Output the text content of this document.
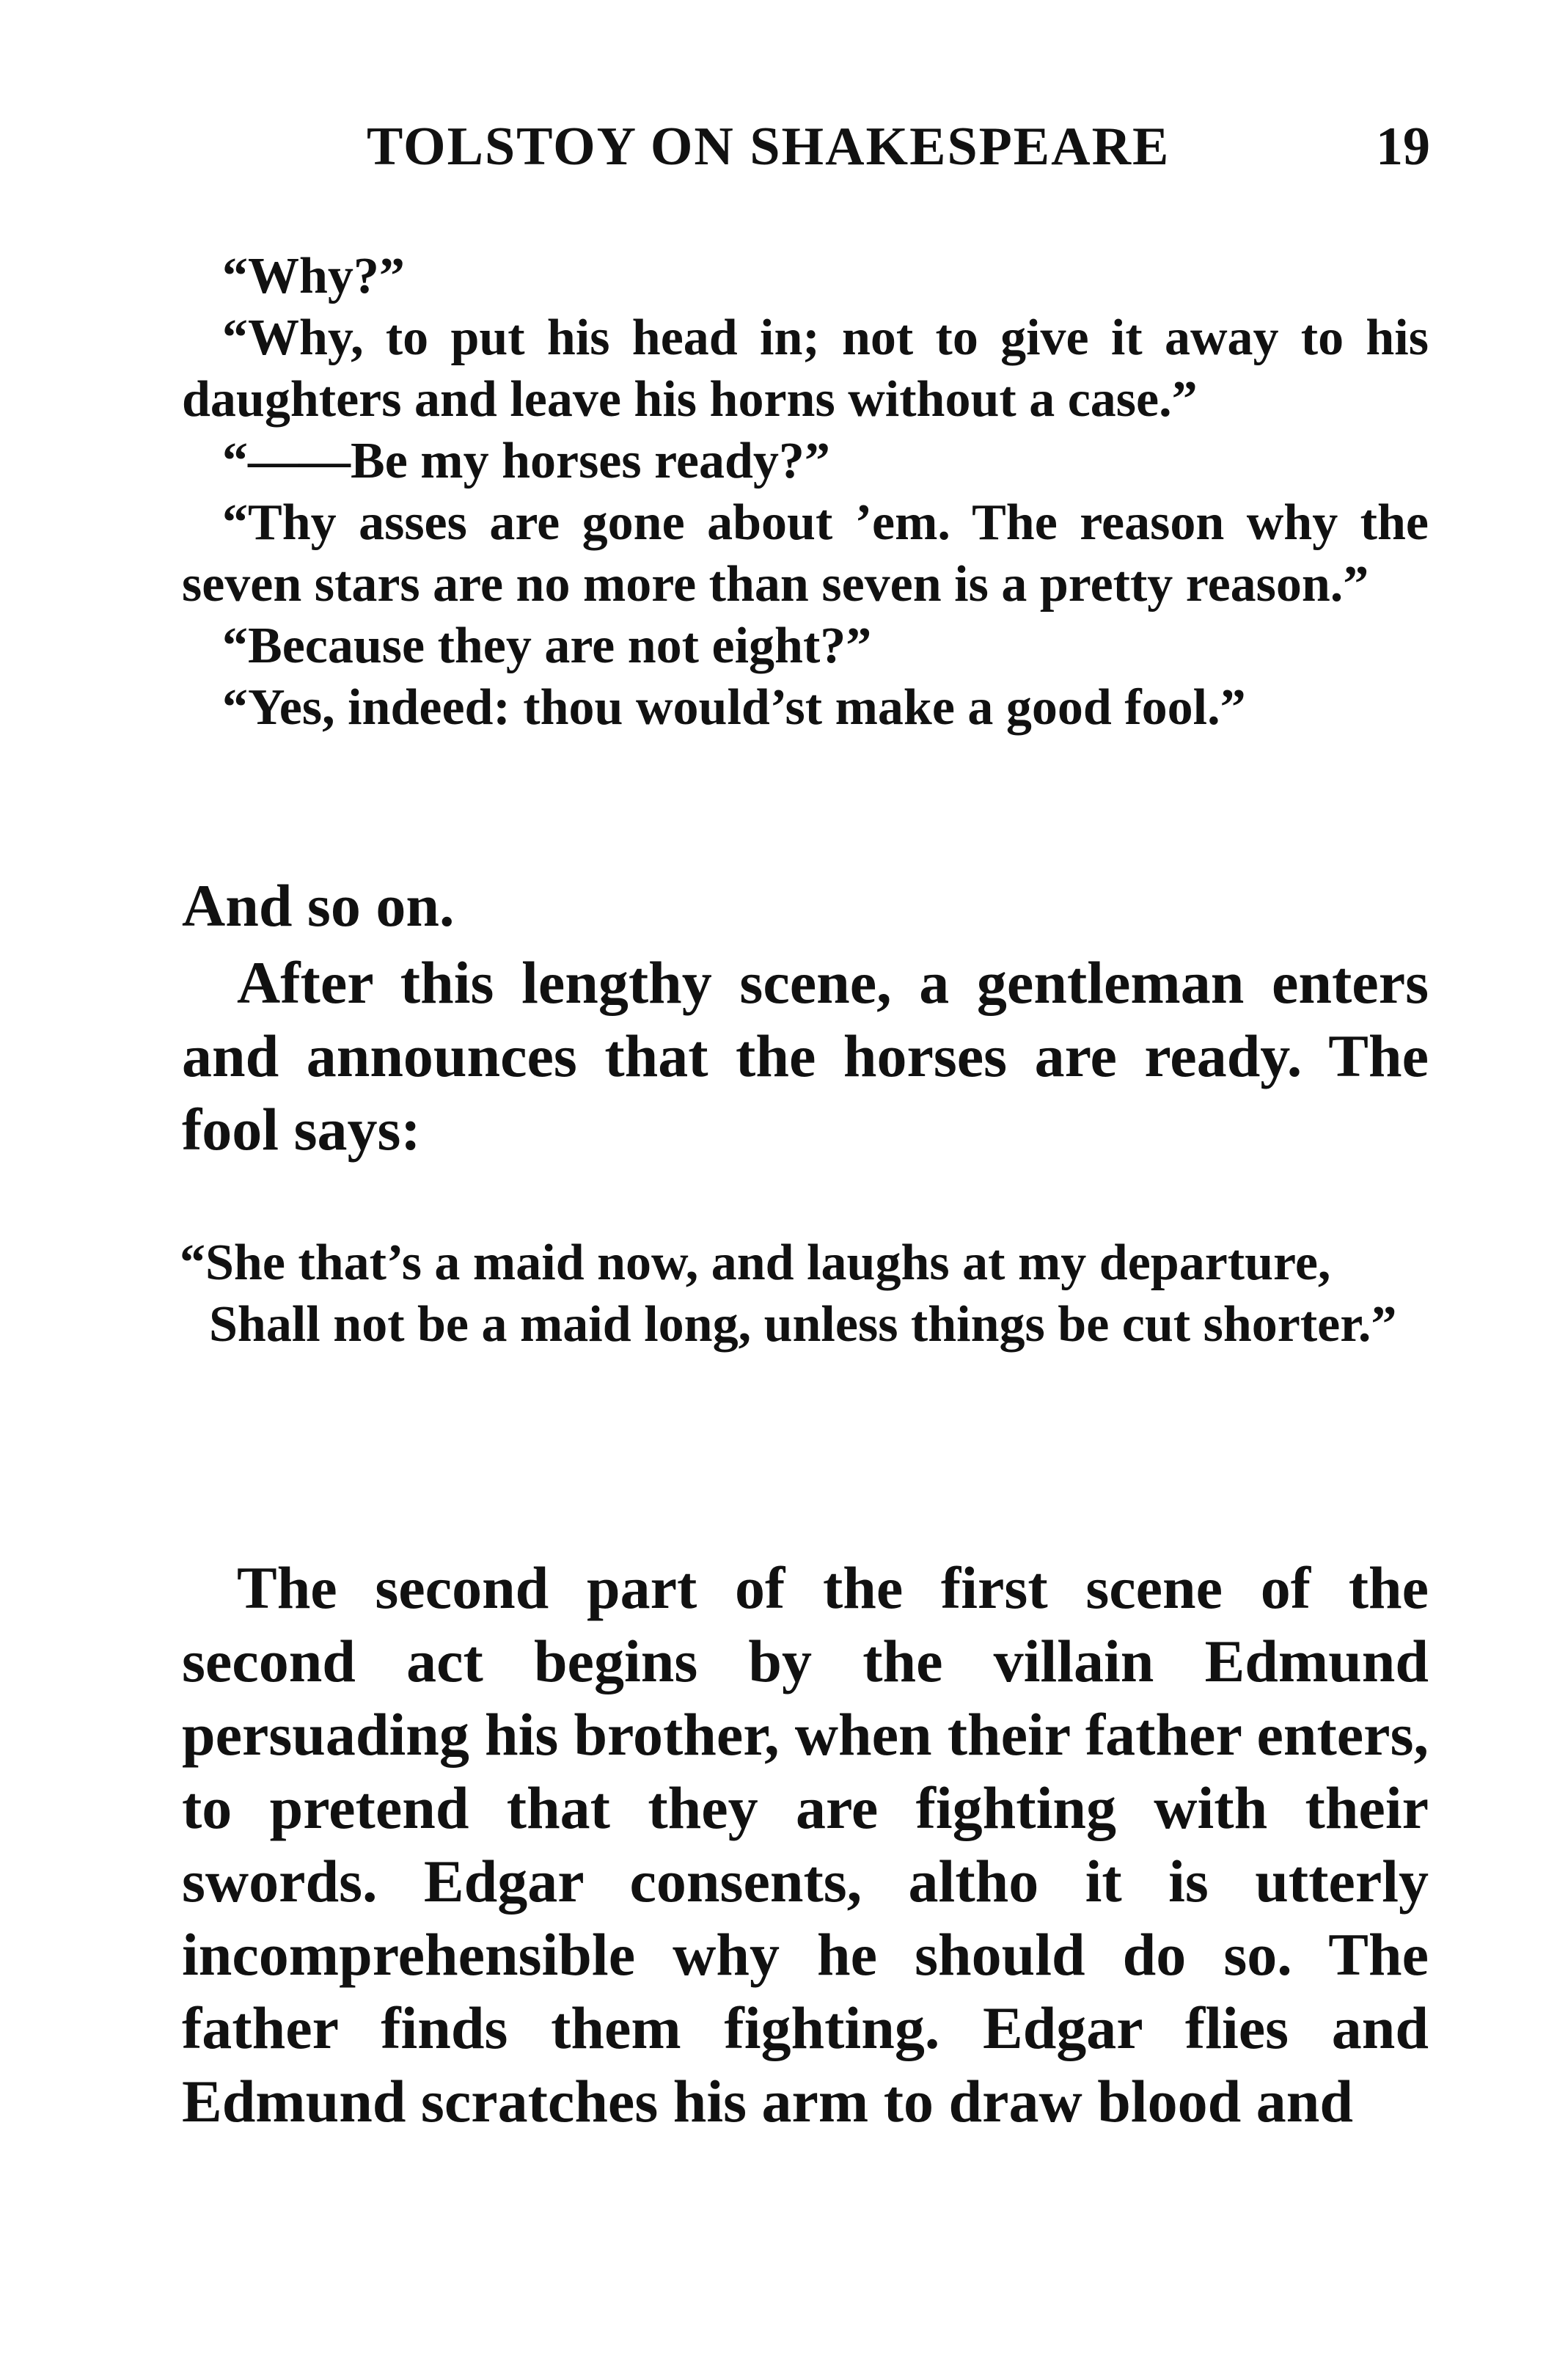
TOLSTOY ON SHAKESPEARE	19

“Why?”

“Why, to put his head in; not to give it away to his daughters and leave his horns without a case.”

“——Be my horses ready?”

“Thy asses are gone about ’em. The reason why the seven stars are no more than seven is a pretty reason.”

“Because they are not eight?”

“Yes, indeed: thou would’st make a good fool.”

And so on.

After this lengthy scene, a gentleman enters and announces that the horses are ready. The fool says:

“She that’s a maid now, and laughs at my departure,

Shall not be a maid long, unless things be cut shorter.”

The second part of the first scene of the second act begins by the villain Edmund persuading his brother, when their father enters, to pretend that they are fighting with their swords. Edgar consents, altho it is utterly incomprehensible why he should do so. The father finds them fighting. Edgar flies and Edmund scratches his arm to draw blood and
